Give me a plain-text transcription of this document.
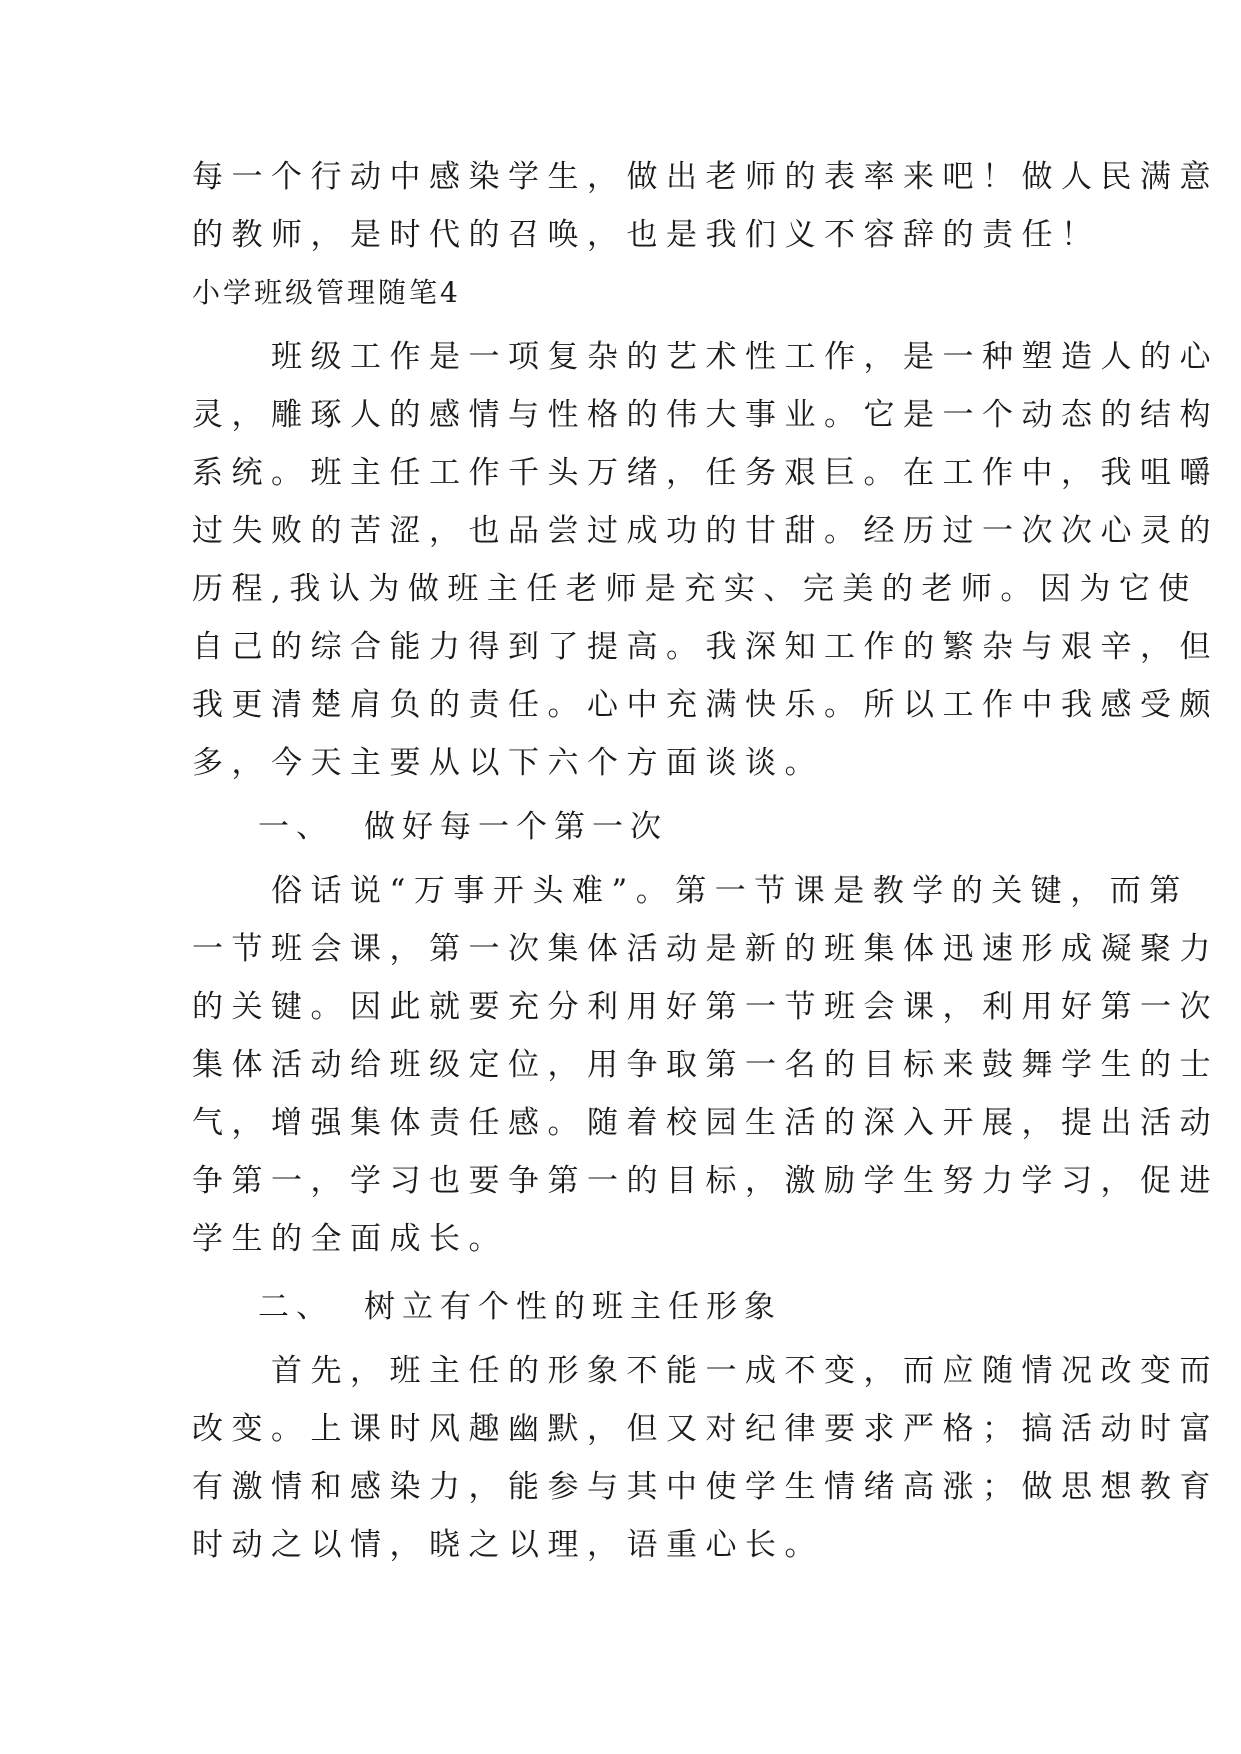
每一个行动中感染学生，做出老师的表率来吧！做人民满意
的教师，是时代的召唤，也是我们义不容辞的责任！
小学班级管理随笔4
　　班级工作是一项复杂的艺术性工作，是一种塑造人的心
灵，雕琢人的感情与性格的伟大事业。它是一个动态的结构
系统。班主任工作千头万绪，任务艰巨。在工作中，我咀嚼
过失败的苦涩，也品尝过成功的甘甜。经历过一次次心灵的
历程,我认为做班主任老师是充实、完美的老师。因为它使
自己的综合能力得到了提高。我深知工作的繁杂与艰辛，但
我更清楚肩负的责任。心中充满快乐。所以工作中我感受颇
多，今天主要从以下六个方面谈谈。
一、 做好每一个第一次
　　俗话说“万事开头难”。第一节课是教学的关键，而第
一节班会课，第一次集体活动是新的班集体迅速形成凝聚力
的关键。因此就要充分利用好第一节班会课，利用好第一次
集体活动给班级定位，用争取第一名的目标来鼓舞学生的士
气，增强集体责任感。随着校园生活的深入开展，提出活动
争第一，学习也要争第一的目标，激励学生努力学习，促进
学生的全面成长。
二、 树立有个性的班主任形象
　　首先，班主任的形象不能一成不变，而应随情况改变而
改变。上课时风趣幽默，但又对纪律要求严格；搞活动时富
有激情和感染力，能参与其中使学生情绪高涨；做思想教育
时动之以情，晓之以理，语重心长。
